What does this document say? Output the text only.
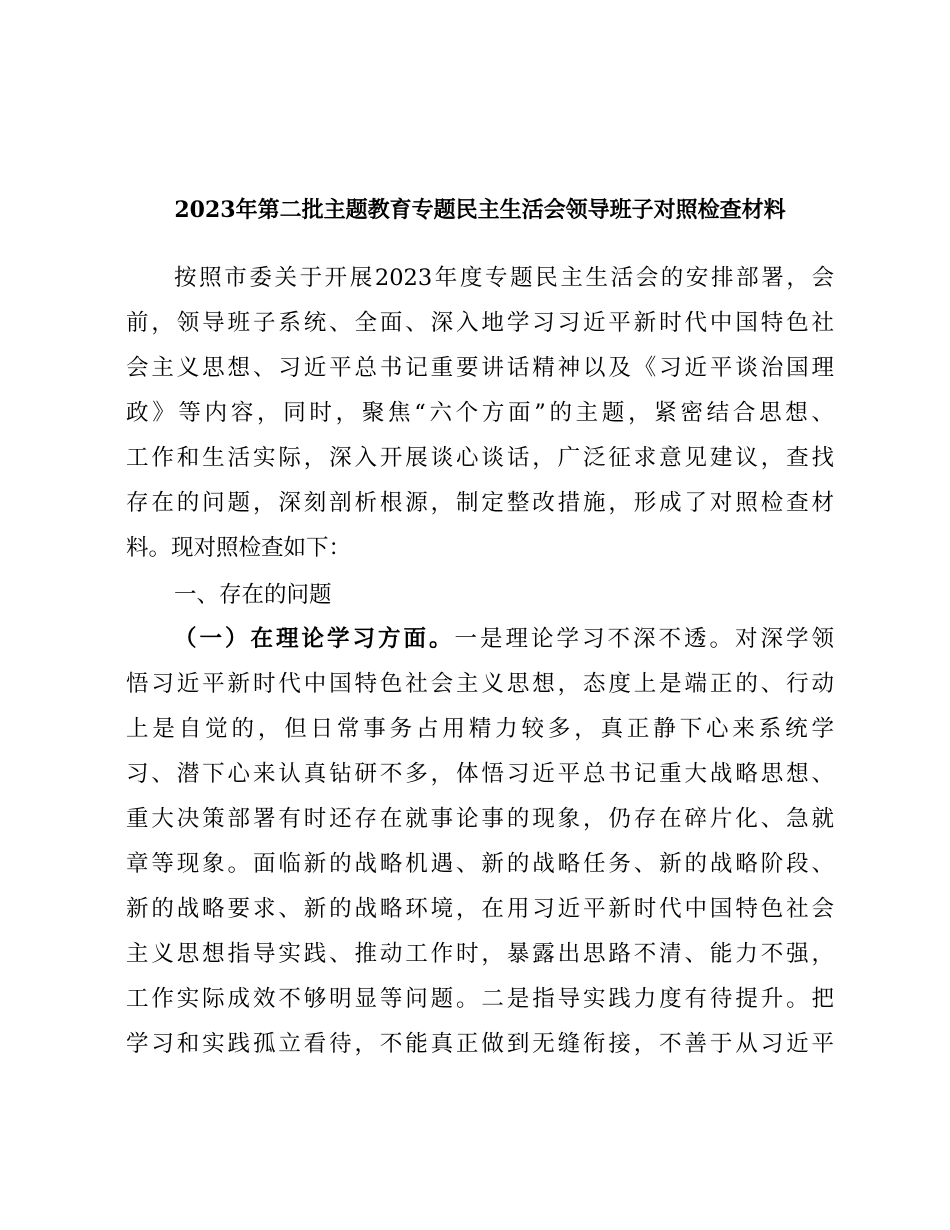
2023年第二批主题教育专题民主生活会领导班子对照检查材料
按照市委关于开展2023年度专题民主生活会的安排部署，会
前，领导班子系统、全面、深入地学习习近平新时代中国特色社
会主义思想、习近平总书记重要讲话精神以及《习近平谈治国理
政》等内容，同时，聚焦“六个方面”的主题，紧密结合思想、
工作和生活实际，深入开展谈心谈话，广泛征求意见建议，查找
存在的问题，深刻剖析根源，制定整改措施，形成了对照检查材
料。现对照检查如下：
一、存在的问题
（一）在理论学习方面。一是理论学习不深不透。对深学领
悟习近平新时代中国特色社会主义思想，态度上是端正的、行动
上是自觉的，但日常事务占用精力较多，真正静下心来系统学
习、潜下心来认真钻研不多，体悟习近平总书记重大战略思想、
重大决策部署有时还存在就事论事的现象，仍存在碎片化、急就
章等现象。面临新的战略机遇、新的战略任务、新的战略阶段、
新的战略要求、新的战略环境，在用习近平新时代中国特色社会
主义思想指导实践、推动工作时，暴露出思路不清、能力不强，
工作实际成效不够明显等问题。二是指导实践力度有待提升。把
学习和实践孤立看待，不能真正做到无缝衔接，不善于从习近平
